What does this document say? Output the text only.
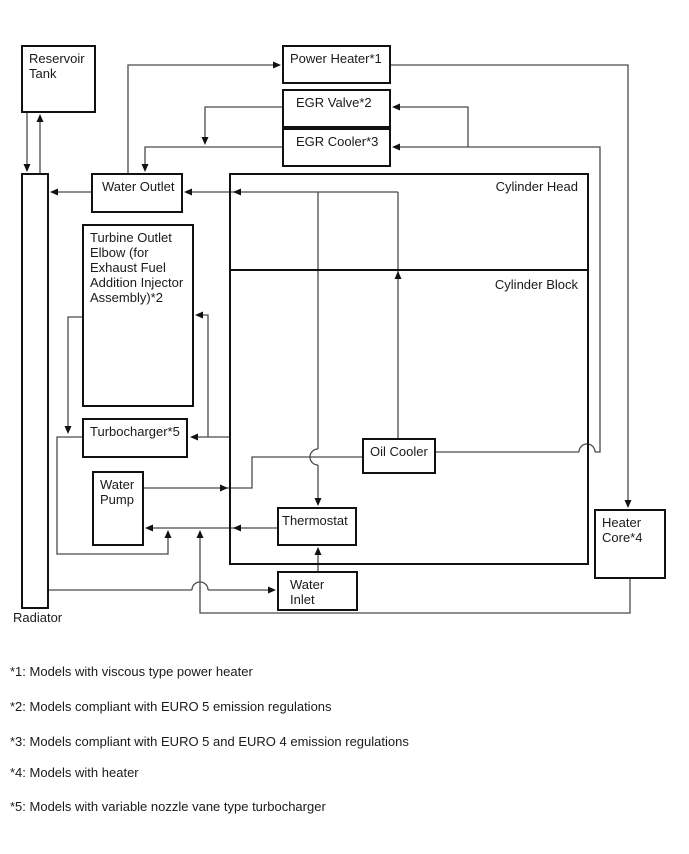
Cylinder Head
Cylinder Block
Reservoir Tank
Power Heater*1
EGR Valve*2
EGR Cooler*3
Water Outlet
Turbine Outlet Elbow (for Exhaust Fuel Addition Injector Assembly)*2
Turbocharger*5
Water Pump
Oil Cooler
Thermostat
Water Inlet
Heater Core*4
Radiator
*1: Models with viscous type power heater
*2: Models compliant with EURO 5 emission regulations
*3: Models compliant with EURO 5 and EURO 4 emission regulations
*4: Models with heater
*5: Models with variable nozzle vane type turbocharger
